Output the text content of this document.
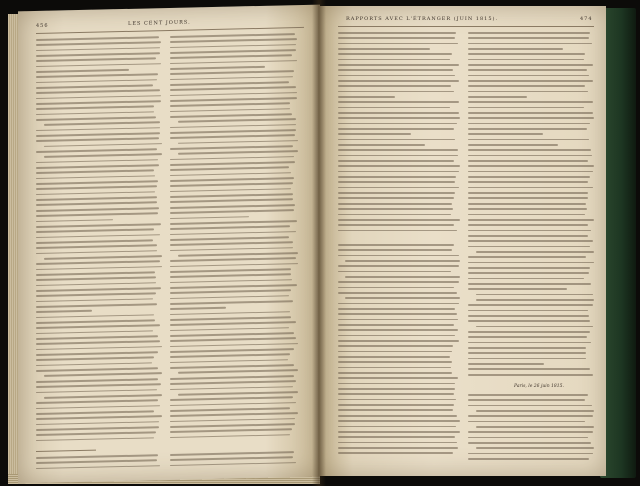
456	LES CENT JOURS.
RAPPORTS AVEC L'ÉTRANGER (JUIN 1815).	474
Paris, le 26 juin 1815.
